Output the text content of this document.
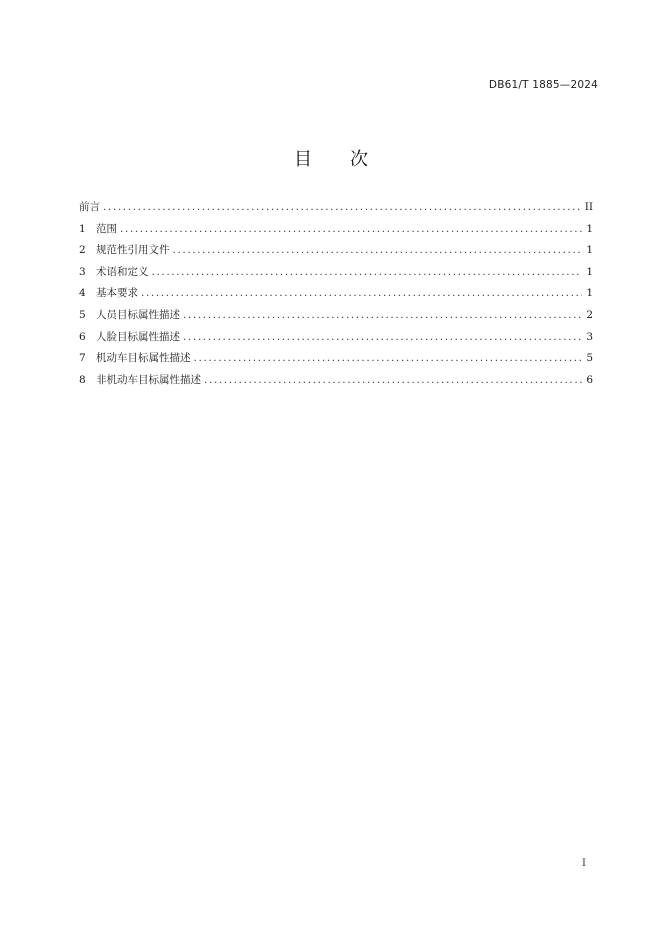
DB61/T 1885—2024
目 次
前言 .....	II
1 范围 .....	1
2 规范性引用文件 .....	1
3 术语和定义 .....	1
4 基本要求 .....	1
5 人员目标属性描述 .....	2
6 人脸目标属性描述 .....	3
7 机动车目标属性描述 .....	5
8 非机动车目标属性描述 .....	6
I
